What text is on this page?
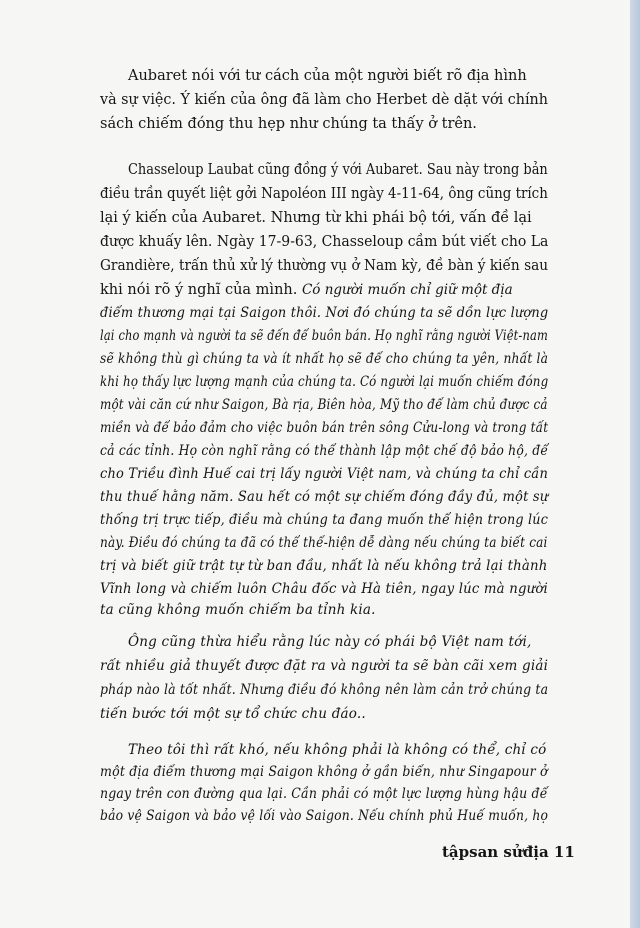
Aubaret nói với tư cách của một người biết rõ địa hình
và sự việc. Ý kiến của ông đã làm cho Herbet dè dặt với chính
sách chiếm đóng thu hẹp như chúng ta thấy ở trên.
Chasseloup Laubat cũng đồng ý với Aubaret. Sau này trong bản
điều trần quyết liệt gởi Napoléon III ngày 4-11-64, ông cũng trích
lại ý kiến của Aubaret. Nhưng từ khi phái bộ tới, vấn đề lại
được khuấy lên. Ngày 17-9-63, Chasseloup cầm bút viết cho La
Grandière, trấn thủ xử lý thường vụ ở Nam kỳ, đề bàn ý kiến sau
khi nói rõ ý nghĩ của mình. Có người muốn chỉ giữ một địa
điểm thương mại tại Saigon thôi. Nơi đó chúng ta sẽ dồn lực lượng
lại cho mạnh và người ta sẽ đến để buôn bán. Họ nghĩ rằng người Việt-nam
sẽ không thù gì chúng ta và ít nhất họ sẽ để cho chúng ta yên, nhất là
khi họ thấy lực lượng mạnh của chúng ta. Có người lại muốn chiếm đóng
một vài căn cứ như Saigon, Bà rịa, Biên hòa, Mỹ tho để làm chủ được cả
miền và để bảo đảm cho việc buôn bán trên sông Cửu-long và trong tất
cả các tỉnh. Họ còn nghĩ rằng có thể thành lập một chế độ bảo hộ, để
cho Triều đình Huế cai trị lấy người Việt nam, và chúng ta chỉ cần
thu thuế hằng năm. Sau hết có một sự chiếm đóng đầy đủ, một sự
thống trị trực tiếp, điều mà chúng ta đang muốn thể hiện trong lúc
này. Điều đó chúng ta đã có thể thể-hiện dễ dàng nếu chúng ta biết cai
trị và biết giữ trật tự từ ban đầu, nhất là nếu không trả lại thành
Vĩnh long và chiếm luôn Châu đốc và Hà tiên, ngay lúc mà người
ta cũng không muốn chiếm ba tỉnh kia.
Ông cũng thừa hiểu rằng lúc này có phái bộ Việt nam tới,
rất nhiều giả thuyết được đặt ra và người ta sẽ bàn cãi xem giải
pháp nào là tốt nhất. Nhưng điều đó không nên làm cản trở chúng ta
tiến bước tới một sự tổ chức chu đáo..
Theo tôi thì rất khó, nếu không phải là không có thể, chỉ có
một địa điểm thương mại Saigon không ở gần biển, như Singapour ở
ngay trên con đường qua lại. Cần phải có một lực lượng hùng hậu để
bảo vệ Saigon và bảo vệ lối vào Saigon. Nếu chính phủ Huế muốn, họ
tậpsan sửđịa 11
